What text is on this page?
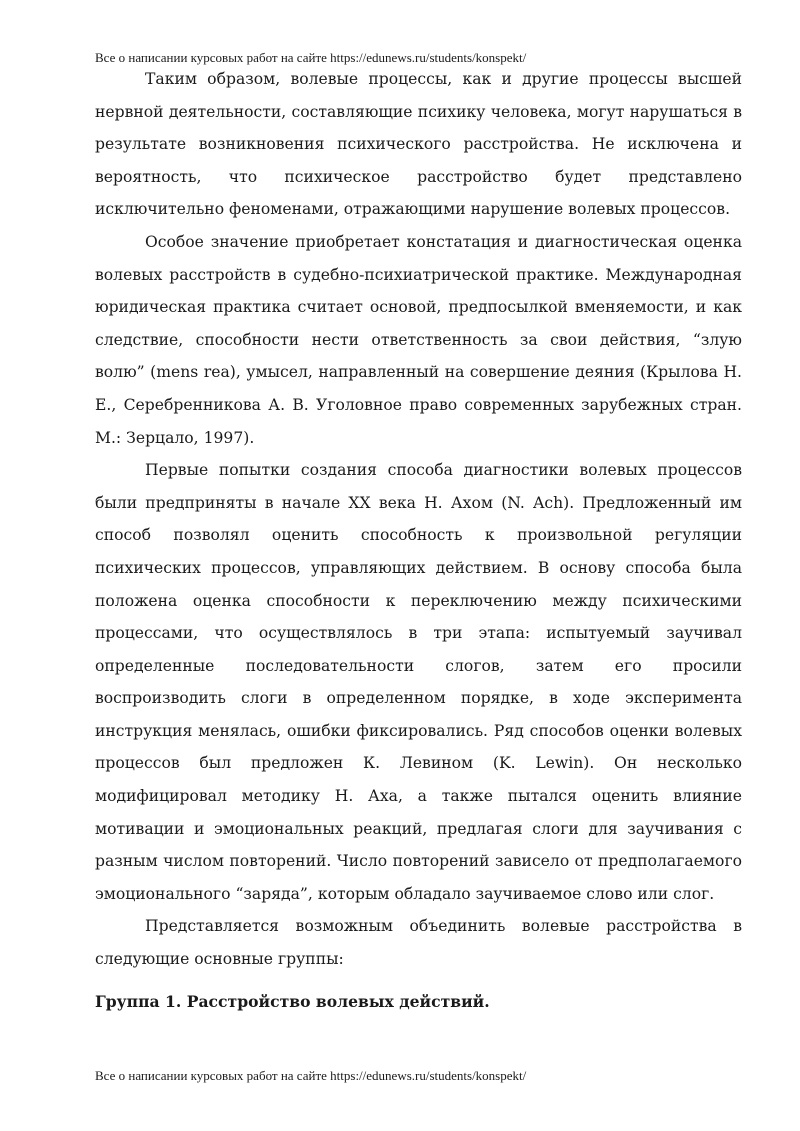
Все о написании курсовых работ на сайте https://edunews.ru/students/konspekt/

Таким образом, волевые процессы, как и другие процессы высшей нервной деятельности, составляющие психику человека, могут нарушаться в результате возникновения психического расстройства. Не исключена и вероятность, что психическое расстройство будет представлено исключительно феноменами, отражающими нарушение волевых процессов.

Особое значение приобретает констатация и диагностическая оценка волевых расстройств в судебно-психиатрической практике. Международная юридическая практика считает основой, предпосылкой вменяемости, и как следствие, способности нести ответственность за свои действия, “злую волю” (mens rea), умысел, направленный на совершение деяния (Крылова Н. Е., Серебренникова А. В. Уголовное право современных зарубежных стран. М.: Зерцало, 1997).

Первые попытки создания способа диагностики волевых процессов были предприняты в начале XX века Н. Ахом (N. Ach). Предложенный им способ позволял оценить способность к произвольной регуляции психических процессов, управляющих действием. В основу способа была положена оценка способности к переключению между психическими процессами, что осуществлялось в три этапа: испытуемый заучивал определенные последовательности слогов, затем его просили воспроизводить слоги в определенном порядке, в ходе эксперимента инструкция менялась, ошибки фиксировались. Ряд способов оценки волевых процессов был предложен К. Левином (K. Lewin). Он несколько модифицировал методику Н. Аха, а также пытался оценить влияние мотивации и эмоциональных реакций, предлагая слоги для заучивания с разным числом повторений. Число повторений зависело от предполагаемого эмоционального “заряда”, которым обладало заучиваемое слово или слог.

Представляется возможным объединить волевые расстройства в следующие основные группы:

Группа 1. Расстройство волевых действий.

Все о написании курсовых работ на сайте https://edunews.ru/students/konspekt/
